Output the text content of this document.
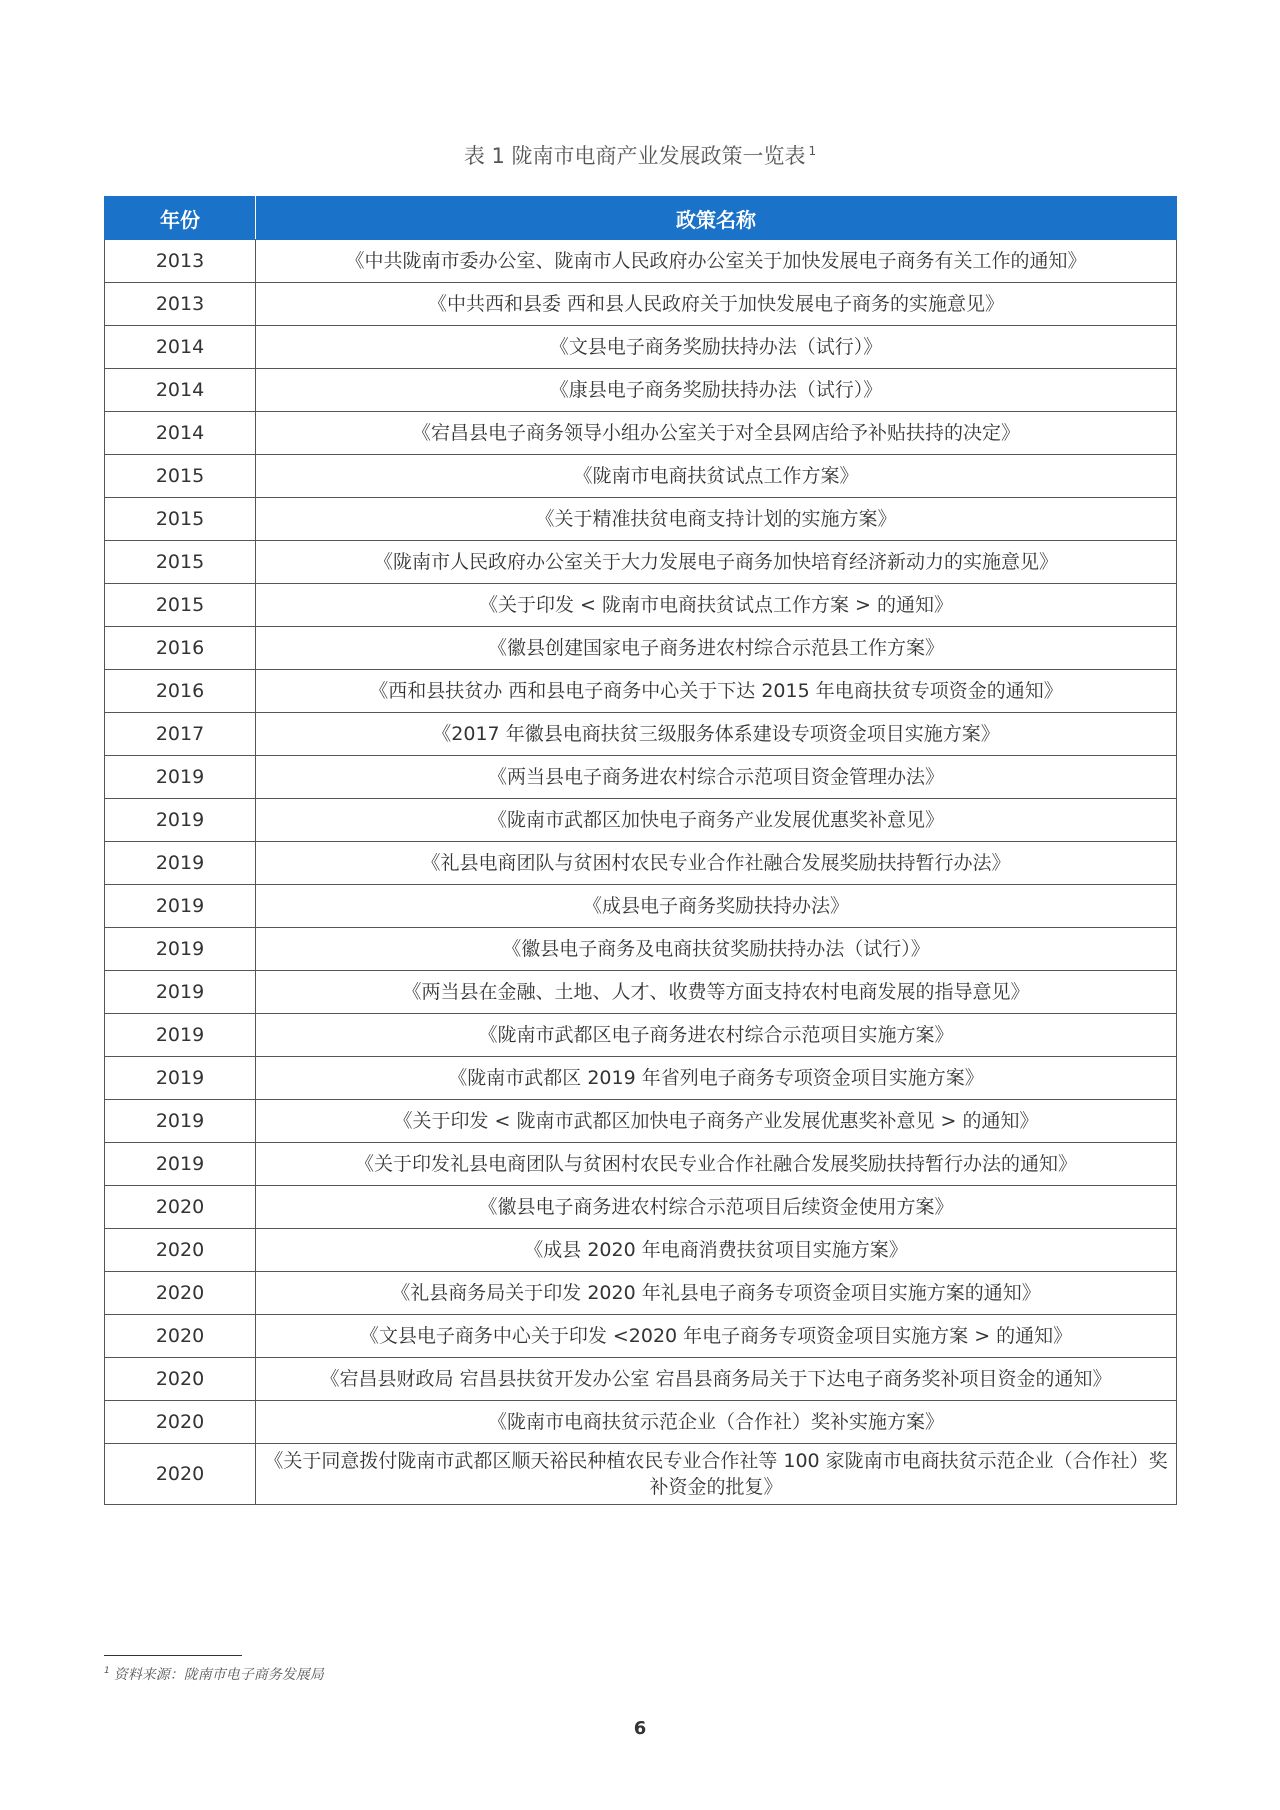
表 1 陇南市电商产业发展政策一览表 $^1$
年份	政策名称
2013	《中共陇南市委办公室、陇南市人民政府办公室关于加快发展电子商务有关工作的通知》
2013	《中共西和县委 西和县人民政府关于加快发展电子商务的实施意见》
2014	《文县电子商务奖励扶持办法（试行）》
2014	《康县电子商务奖励扶持办法（试行）》
2014	《宕昌县电子商务领导小组办公室关于对全县网店给予补贴扶持的决定》
2015	《陇南市电商扶贫试点工作方案》
2015	《关于精准扶贫电商支持计划的实施方案》
2015	《陇南市人民政府办公室关于大力发展电子商务加快培育经济新动力的实施意见》
2015	《关于印发 < 陇南市电商扶贫试点工作方案 > 的通知》
2016	《徽县创建国家电子商务进农村综合示范县工作方案》
2016	《西和县扶贫办 西和县电子商务中心关于下达 2015 年电商扶贫专项资金的通知》
2017	《2017 年徽县电商扶贫三级服务体系建设专项资金项目实施方案》
2019	《两当县电子商务进农村综合示范项目资金管理办法》
2019	《陇南市武都区加快电子商务产业发展优惠奖补意见》
2019	《礼县电商团队与贫困村农民专业合作社融合发展奖励扶持暂行办法》
2019	《成县电子商务奖励扶持办法》
2019	《徽县电子商务及电商扶贫奖励扶持办法（试行）》
2019	《两当县在金融、土地、人才、收费等方面支持农村电商发展的指导意见》
2019	《陇南市武都区电子商务进农村综合示范项目实施方案》
2019	《陇南市武都区 2019 年省列电子商务专项资金项目实施方案》
2019	《关于印发 < 陇南市武都区加快电子商务产业发展优惠奖补意见 > 的通知》
2019	《关于印发礼县电商团队与贫困村农民专业合作社融合发展奖励扶持暂行办法的通知》
2020	《徽县电子商务进农村综合示范项目后续资金使用方案》
2020	《成县 2020 年电商消费扶贫项目实施方案》
2020	《礼县商务局关于印发 2020 年礼县电子商务专项资金项目实施方案的通知》
2020	《文县电子商务中心关于印发 <2020 年电子商务专项资金项目实施方案 > 的通知》
2020	《宕昌县财政局 宕昌县扶贫开发办公室 宕昌县商务局关于下达电子商务奖补项目资金的通知》
2020	《陇南市电商扶贫示范企业（合作社）奖补实施方案》
2020	《关于同意拨付陇南市武都区顺天裕民种植农民专业合作社等 100 家陇南市电商扶贫示范企业（合作社）奖补资金的批复》
$^1$ 资料来源：陇南市电子商务发展局
6
